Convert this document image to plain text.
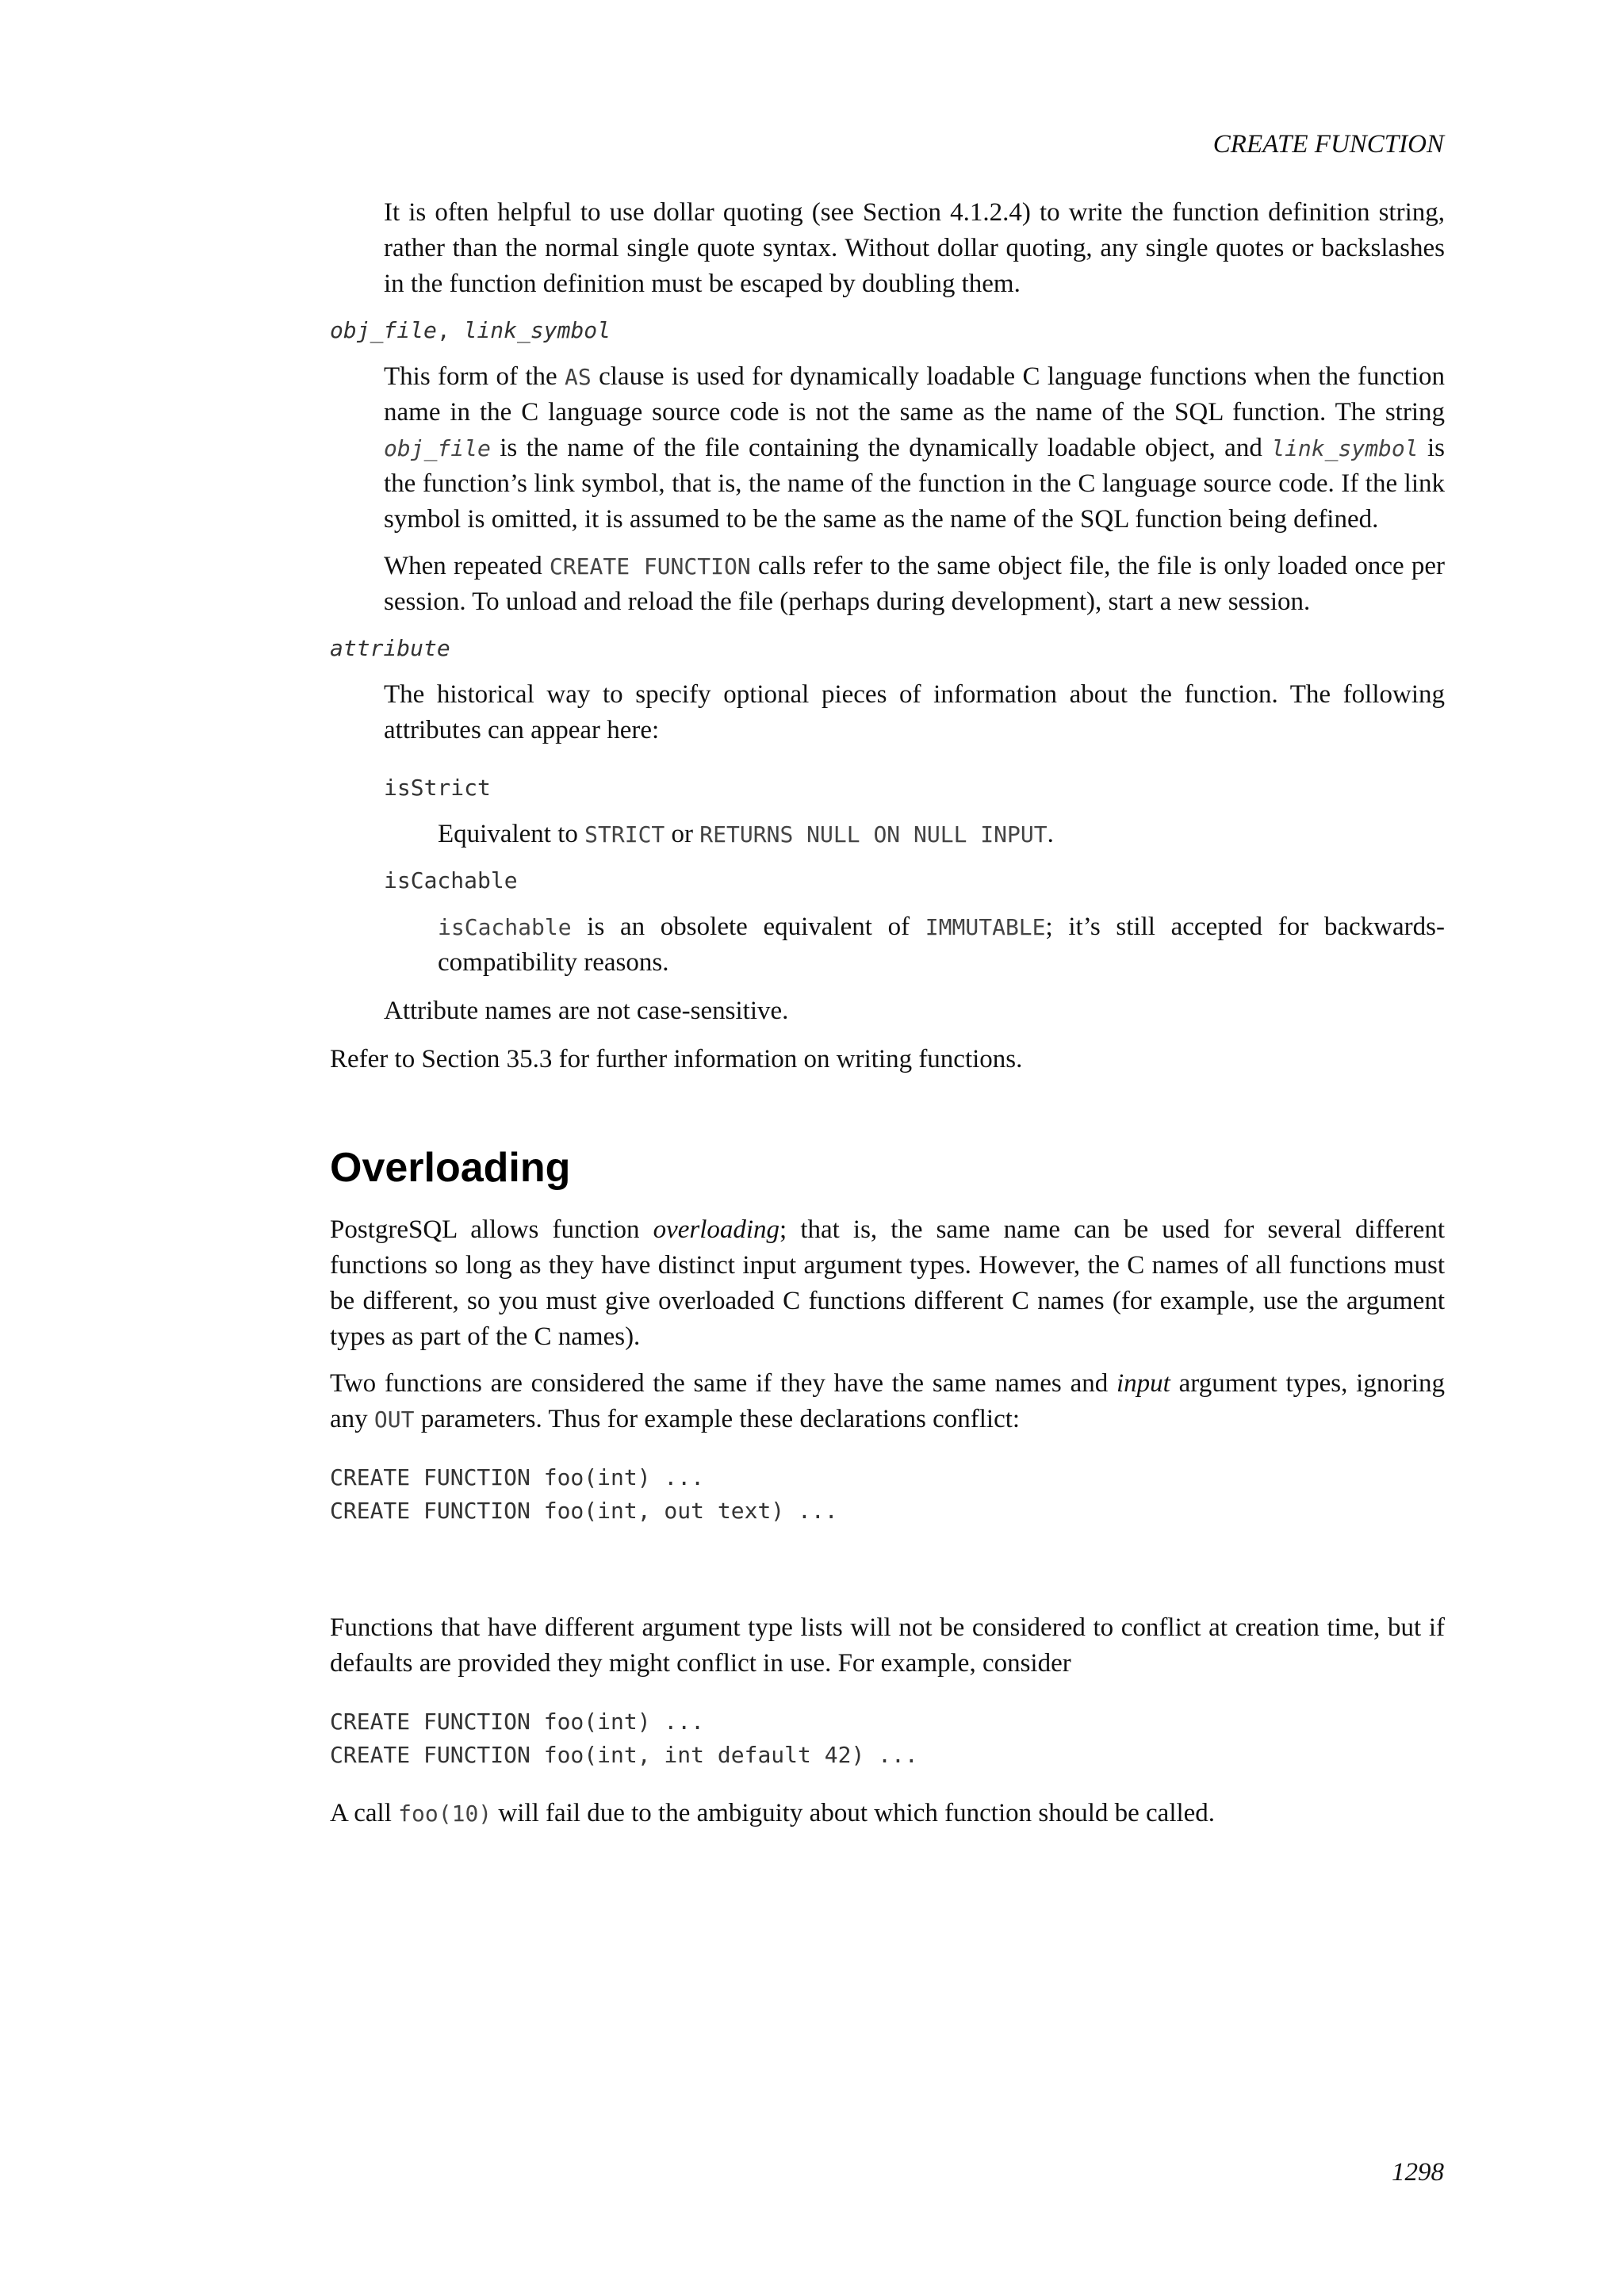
CREATE FUNCTION

It is often helpful to use dollar quoting (see Section 4.1.2.4) to write the function definition string, rather than the normal single quote syntax. Without dollar quoting, any single quotes or backslashes in the function definition must be escaped by doubling them.

obj_file, link_symbol

This form of the AS clause is used for dynamically loadable C language functions when the function name in the C language source code is not the same as the name of the SQL function. The string obj_file is the name of the file containing the dynamically loadable object, and link_symbol is the function’s link symbol, that is, the name of the function in the C language source code. If the link symbol is omitted, it is assumed to be the same as the name of the SQL function being defined.

When repeated CREATE FUNCTION calls refer to the same object file, the file is only loaded once per session. To unload and reload the file (perhaps during development), start a new session.

attribute

The historical way to specify optional pieces of information about the function. The following attributes can appear here:

isStrict

Equivalent to STRICT or RETURNS NULL ON NULL INPUT.

isCachable

isCachable is an obsolete equivalent of IMMUTABLE; it’s still accepted for backwards-compatibility reasons.

Attribute names are not case-sensitive.

Refer to Section 35.3 for further information on writing functions.

Overloading

PostgreSQL allows function overloading; that is, the same name can be used for several different functions so long as they have distinct input argument types. However, the C names of all functions must be different, so you must give overloaded C functions different C names (for example, use the argument types as part of the C names).

Two functions are considered the same if they have the same names and input argument types, ignoring any OUT parameters. Thus for example these declarations conflict:

CREATE FUNCTION foo(int) ...
CREATE FUNCTION foo(int, out text) ...

Functions that have different argument type lists will not be considered to conflict at creation time, but if defaults are provided they might conflict in use. For example, consider

CREATE FUNCTION foo(int) ...
CREATE FUNCTION foo(int, int default 42) ...

A call foo(10) will fail due to the ambiguity about which function should be called.

1298
